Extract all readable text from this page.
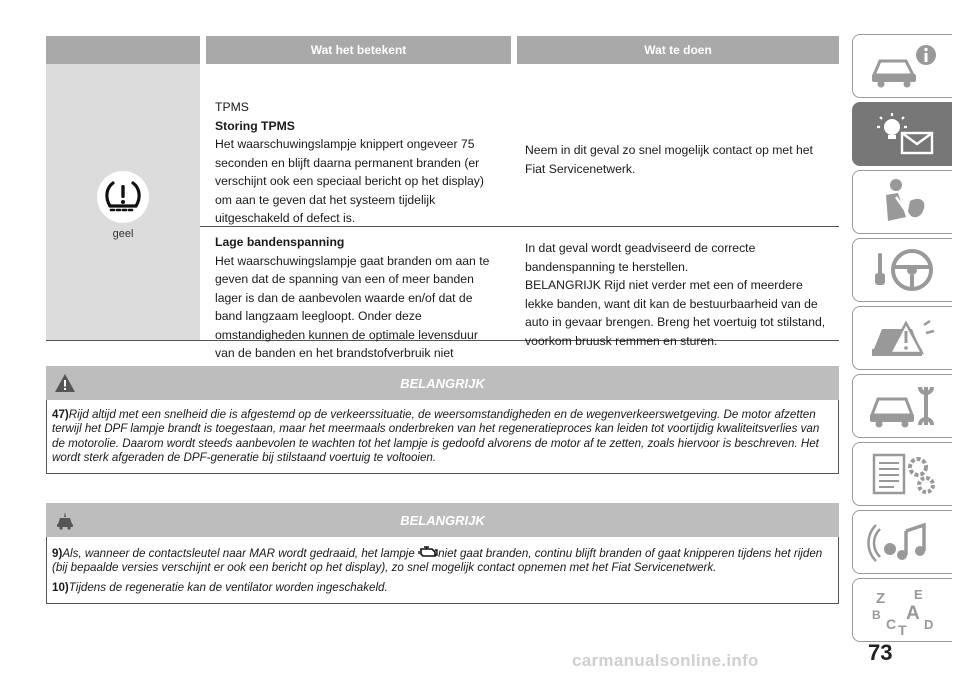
Wat het betekent	Wat te doen
geel
TPMS
Storing TPMS
Het waarschuwingslampje knippert ongeveer 75 seconden en blijft daarna permanent branden (er verschijnt ook een speciaal bericht op het display) om aan te geven dat het systeem tijdelijk uitgeschakeld of defect is.
Neem in dit geval zo snel mogelijk contact op met het Fiat Servicenetwerk.
Lage bandenspanning
Het waarschuwingslampje gaat branden om aan te geven dat de spanning van een of meer banden lager is dan de aanbevolen waarde en/of dat de band langzaam leegloopt. Onder deze omstandigheden kunnen de optimale levensduur van de banden en het brandstofverbruik niet
In dat geval wordt geadviseerd de correcte bandenspanning te herstellen.
BELANGRIJK Rijd niet verder met een of meerdere lekke banden, want dit kan de bestuurbaarheid van de auto in gevaar brengen. Breng het voertuig tot stilstand, voorkom bruusk remmen en sturen.
BELANGRIJK

47)Rijd altijd met een snelheid die is afgestemd op de verkeerssituatie, de weersomstandigheden en de wegenverkeerswetgeving. De motor afzetten terwijl het DPF lampje brandt is toegestaan, maar het meermaals onderbreken van het regeneratieproces kan leiden tot voortijdig kwaliteitsverlies van de motorolie. Daarom wordt steeds aanbevolen te wachten tot het lampje is gedoofd alvorens de motor af te zetten, zoals hiervoor is beschreven. Het wordt sterk afgeraden de DPF-generatie bij stilstaand voertuig te voltooien.

BELANGRIJK

9)Als, wanneer de contactsleutel naar MAR wordt gedraaid, het lampje niet gaat branden, continu blijft branden of gaat knipperen tijdens het rijden (bij bepaalde versies verschijnt er ook een bericht op het display), zo snel mogelijk contact opnemen met het Fiat Servicenetwerk.

10)Tijdens de regeneratie kan de ventilator worden ingeschakeld.

Z E
B A
C D
T
73
carmanualsonline.info
